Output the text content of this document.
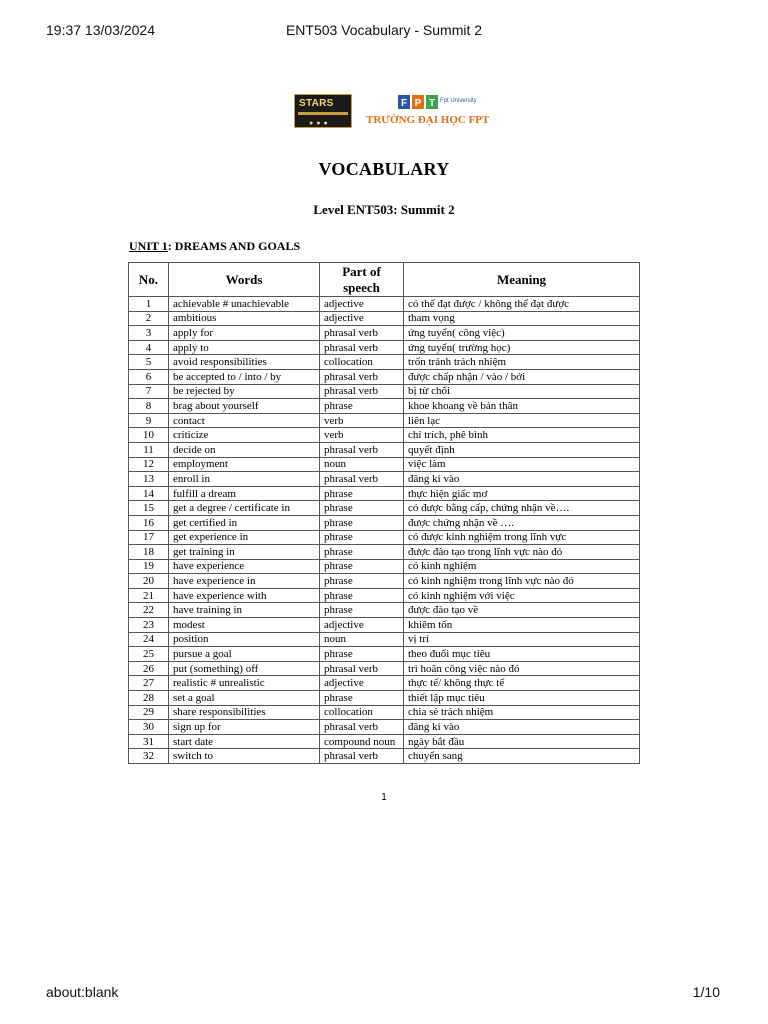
19:37 13/03/2024	ENT503 Vocabulary - Summit 2
STARS
●●●
F P T Fpt University
TRƯỜNG ĐẠI HỌC FPT
VOCABULARY
Level ENT503: Summit 2
UNIT 1: DREAMS AND GOALS
No.	Words	Part of speech	Meaning
1	achievable # unachievable	adjective	có thể đạt được / không thể đạt được
2	ambitious	adjective	tham vọng
3	apply for	phrasal verb	ứng tuyển( công việc)
4	apply to	phrasal verb	ứng tuyển( trường học)
5	avoid responsibilities	collocation	trốn tránh trách nhiệm
6	be accepted to / into / by	phrasal verb	được chấp nhận / vào / bởi
7	be rejected by	phrasal verb	bị từ chối
8	brag about yourself	phrase	khoe khoang về bản thân
9	contact	verb	liên lạc
10	criticize	verb	chỉ trích, phê bình
11	decide on	phrasal verb	quyết định
12	employment	noun	việc làm
13	enroll in	phrasal verb	đăng kí vào
14	fulfill a dream	phrase	thực hiện giấc mơ
15	get a degree / certificate in	phrase	có được bằng cấp, chứng nhận về….
16	get certified in	phrase	được chứng nhận về ….
17	get experience in	phrase	có được kinh nghiệm trong lĩnh vực
18	get training in	phrase	được đào tạo trong lĩnh vực nào đó
19	have experience	phrase	có kinh nghiệm
20	have experience in	phrase	có kinh nghiệm trong lĩnh vực nào đó
21	have experience with	phrase	có kinh nghiệm với việc
22	have training in	phrase	được đào tạo về
23	modest	adjective	khiêm tốn
24	position	noun	vị trí
25	pursue a goal	phrase	theo đuổi mục tiêu
26	put (something) off	phrasal verb	trì hoãn công việc nào đó
27	realistic # unrealistic	adjective	thực tế/ không thực tế
28	set a goal	phrase	thiết lập mục tiêu
29	share responsibilities	collocation	chia sẻ trách nhiệm
30	sign up for	phrasal verb	đăng kí vào
31	start date	compound noun	ngày bắt đầu
32	switch to	phrasal verb	chuyển sang
1
about:blank	1/10
